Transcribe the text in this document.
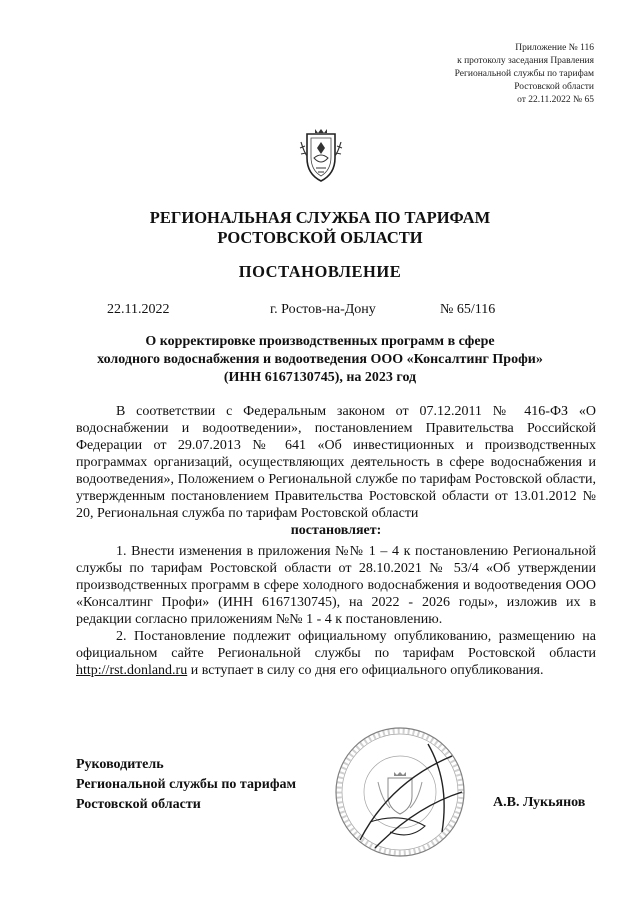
Приложение № 116
к протоколу заседания Правления
Региональной службы по тарифам
Ростовской области
от 22.11.2022 № 65
РЕГИОНАЛЬНАЯ СЛУЖБА ПО ТАРИФАМ
РОСТОВСКОЙ ОБЛАСТИ
ПОСТАНОВЛЕНИЕ
22.11.2022	г. Ростов-на-Дону	№ 65/116
О корректировке производственных программ в сфере
холодного водоснабжения и водоотведения ООО «Консалтинг Профи»
(ИНН 6167130745), на 2023 год

В соответствии с Федеральным законом от 07.12.2011 № 416-ФЗ «О водоснабжении и водоотведении», постановлением Правительства Российской Федерации от 29.07.2013 № 641 «Об инвестиционных и производственных программах организаций, осуществляющих деятельность в сфере водоснабжения и водоотведения», Положением о Региональной службе по тарифам Ростовской области, утвержденным постановлением Правительства Ростовской области от 13.01.2012 № 20, Региональная служба по тарифам Ростовской области

постановляет:

1. Внести изменения в приложения №№ 1 – 4 к постановлению Региональной службы по тарифам Ростовской области от 28.10.2021 № 53/4 «Об утверждении производственных программ в сфере холодного водоснабжения и водоотведения ООО «Консалтинг Профи» (ИНН 6167130745), на 2022 - 2026 годы», изложив их в редакции согласно приложениям №№ 1 - 4 к постановлению.

2. Постановление подлежит официальному опубликованию, размещению на официальном сайте Региональной службы по тарифам Ростовской области http://rst.donland.ru и вступает в силу со дня его официального опубликования.

Руководитель
Региональной службы по тарифам
Ростовской области	А.В. Лукьянов
